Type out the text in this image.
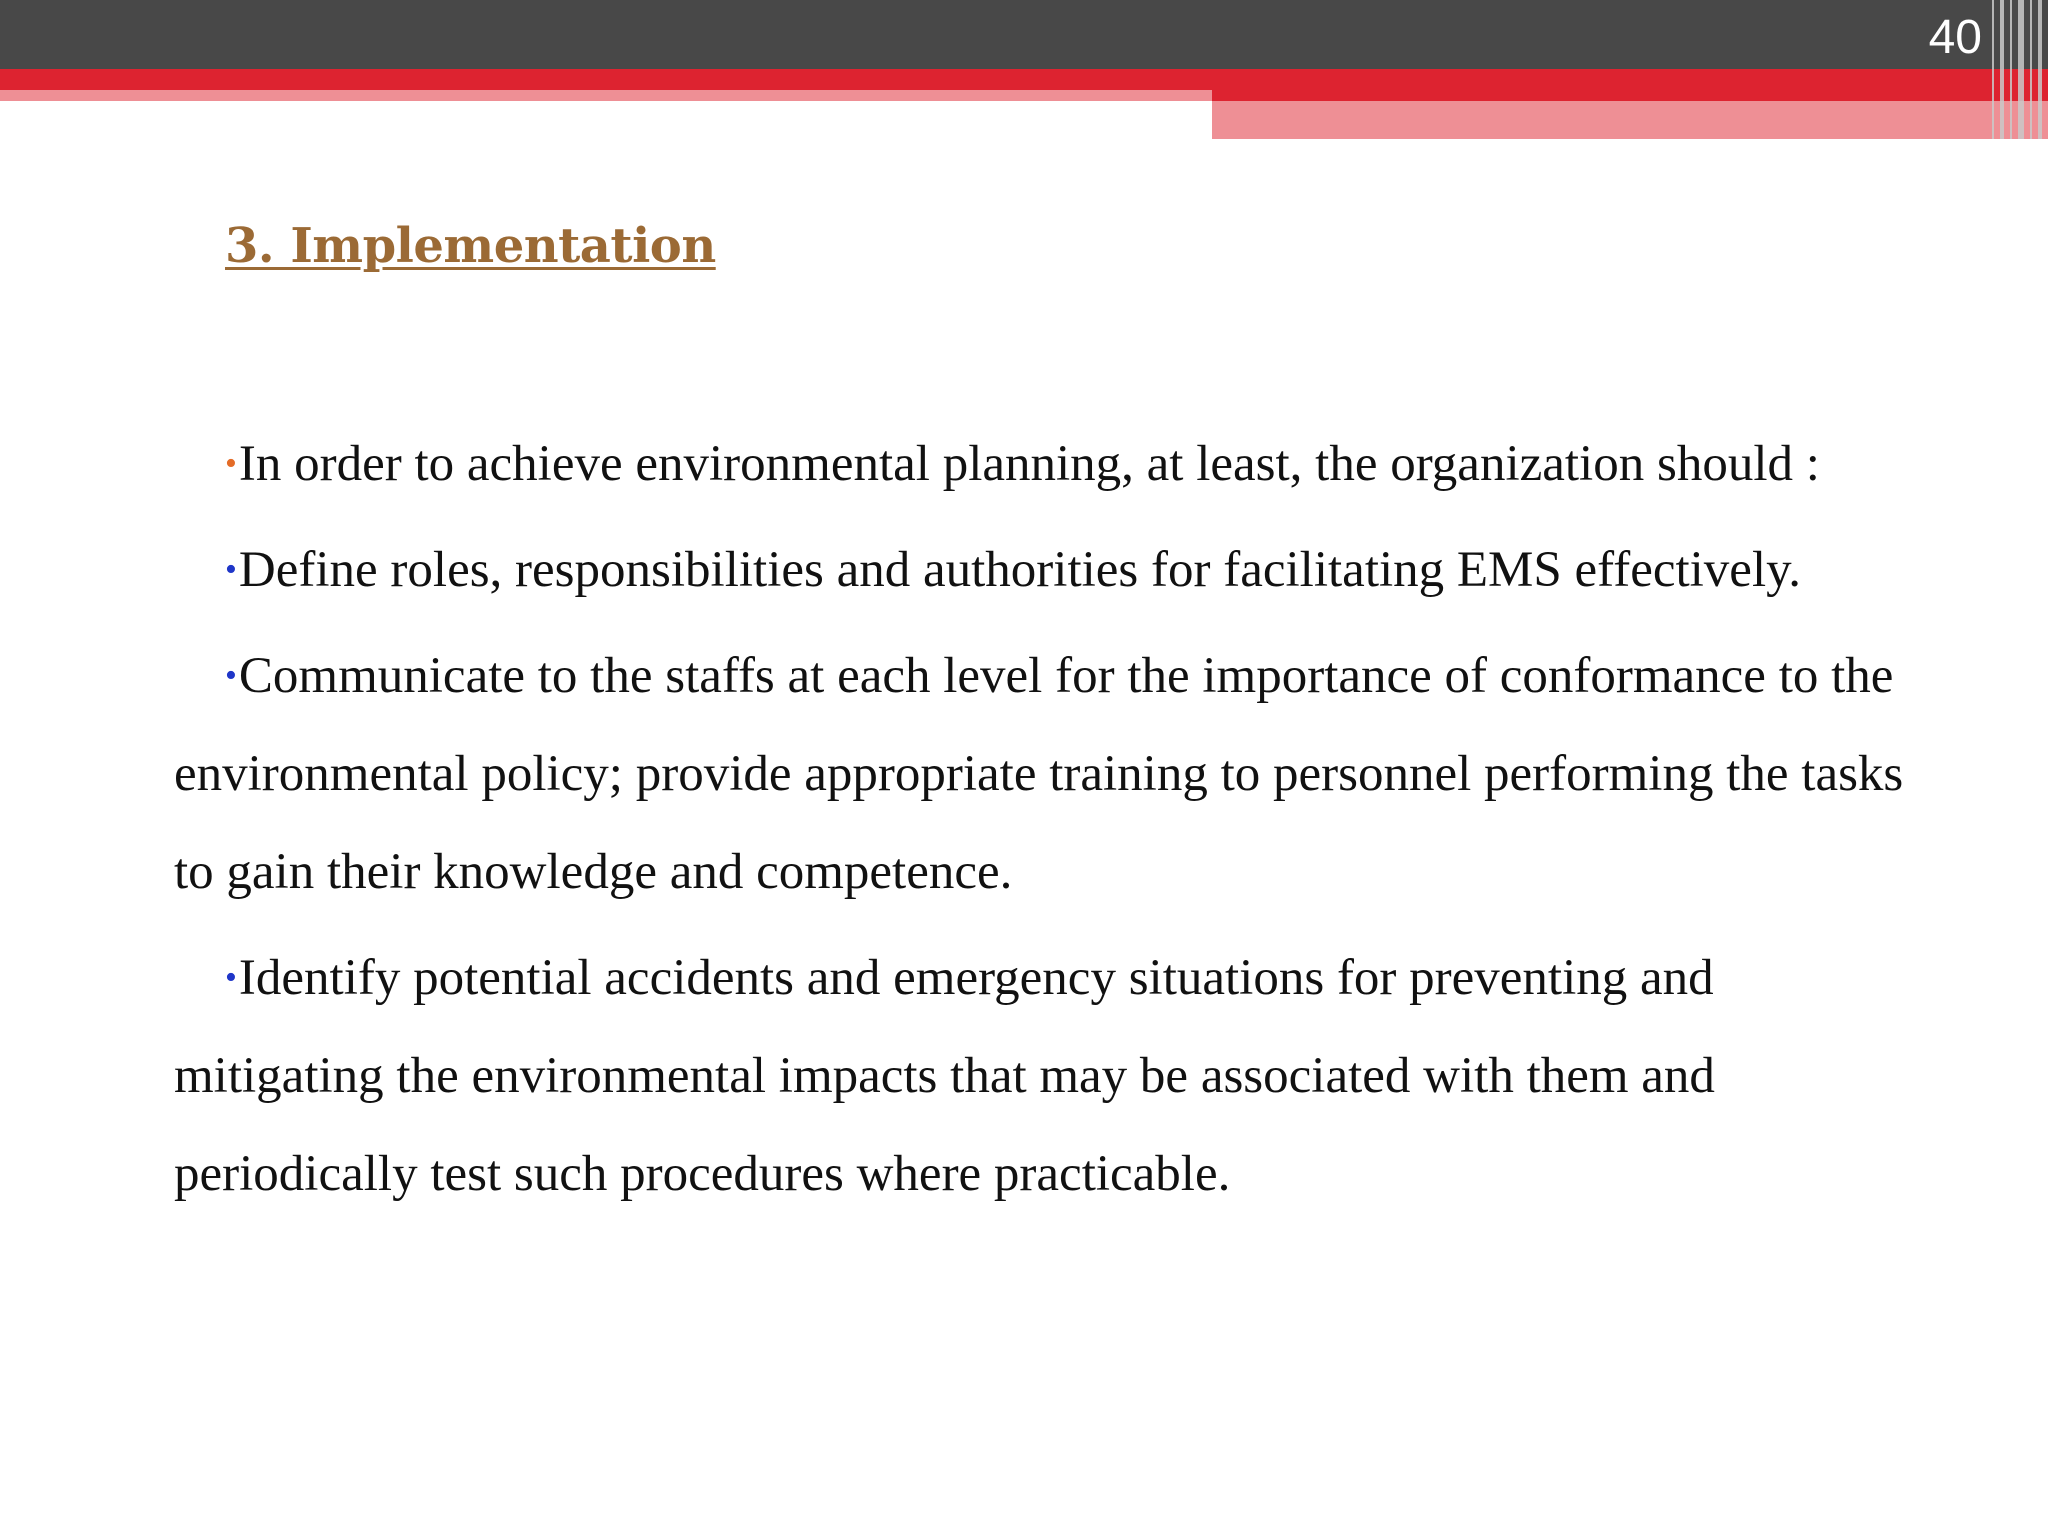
40
3. Implementation

•In order to achieve environmental planning, at least, the organization should :

•Define roles, responsibilities and authorities for facilitating EMS effectively.

•Communicate to the staffs at each level for the importance of conformance to the environmental policy; provide appropriate training to personnel performing the tasks to gain their knowledge and competence.

•Identify potential accidents and emergency situations for preventing and mitigating the environmental impacts that may be associated with them and periodically test such procedures where practicable.
